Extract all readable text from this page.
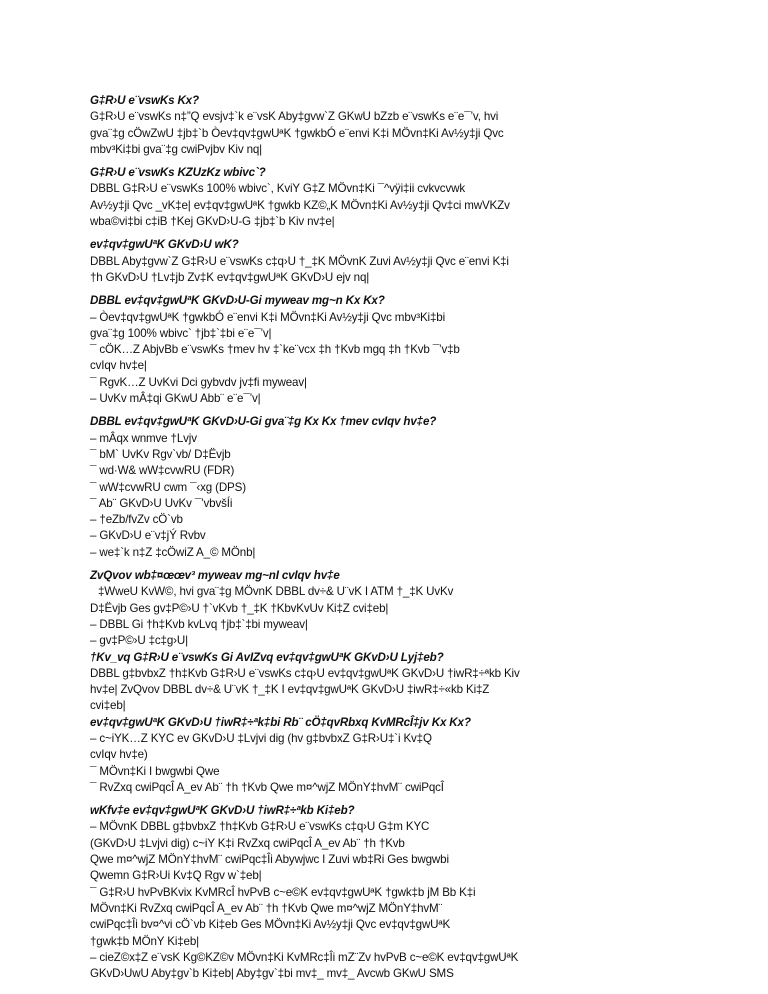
G‡R›U e¨vswKs Kx?

G‡R›U e¨vswKs n‡”Q evsjv‡`k e¨vsK Aby‡gvw`Z GKwU bZzb e¨vswKs e¨e¯’v, hvi

gva¨‡g cÖwZwU ‡jb‡`b Òev‡qv‡gwUªK †gwkbÓ e¨envi K‡i MÖvn‡Ki Av½y‡ji Qvc

mbv³Ki‡bi gva¨‡g cwiPvjbv Kiv nq|

G‡R›U e¨vswKs KZUzKz wbivc`?

DBBL G‡R›U e¨vswKs 100% wbivc`, KviY G‡Z MÖvn‡Ki ¯^vÿi‡ii cvkvcvwk

Av½y‡ji Qvc _vK‡e| ev‡qv‡gwUªK †gwkb KZ©„K MÖvn‡Ki Av½y‡ji Qv‡ci mwVKZv

wba©vi‡bi c‡iB †Kej GKvD›U-G ‡jb‡`b Kiv nv‡e|

ev‡qv‡gwUªK GKvD›U wK?

DBBL Aby‡gvw`Z G‡R›U e¨vswKs c‡q›U †_‡K MÖvnK Zuvi Av½y‡ji Qvc e¨envi K‡i

†h GKvD›U †Lv‡jb Zv‡K ev‡qv‡gwUªK GKvD›U ejv nq|

DBBL ev‡qv‡gwUªK GKvD›U-Gi myweav mg~n Kx Kx?

– Òev‡qv‡gwUªK †gwkbÓ e¨envi K‡i MÖvn‡Ki Av½y‡ji Qvc mbv³Ki‡bi

gva¨‡g 100% wbivc` †jb‡`‡bi e¨e¯’v|

¯ cÖK…Z AbjvBb e¨vswKs †mev hv ‡`ke¨vcx ‡h †Kvb mgq ‡h †Kvb ¯’v‡b

cvIqv hv‡e|

¯ RgvK…Z UvKvi Dci gybvdv jv‡fi myweav|

– UvKv mÂ‡qi GKwU Abb¨ e¨e¯’v|

DBBL ev‡qv‡gwUªK GKvD›U-Gi gva¨‡g Kx Kx †mev cvIqv hv‡e?

– mÂqx wnmve †Lvjv

¯ bM` UvKv Rgv`vb/ D‡Ëvjb

¯ wd·W& wW‡cvwRU (FDR)

¯ wW‡cvwRU cwm ¯‹xg (DPS)

¯ Ab¨ GKvD›U UvKv ¯’vbvšÍi

– †eZb/fvZv cÖ`vb

– GKvD›U e¨v‡jÝ Rvbv

– we‡`k n‡Z ‡cÖwiZ A_© MÖnb|

ZvQvov wb‡¤œœv³ myweav mg~nI cvIqv hv‡e

‡WweU KvW©, hvi gva¨‡g MÖvnK DBBL dv÷& U¨vK I ATM †_‡K UvKv

D‡Ëvjb Ges gv‡P©›U †`vKvb †_‡K †KbvKvUv Ki‡Z cvi‡eb|

– DBBL Gi †h‡Kvb kvLvq †jb‡`‡bi myweav|

– gv‡P©›U ‡c‡g›U|

†Kv_vq G‡R›U e¨vswKs Gi AvIZvq ev‡qv‡gwUªK GKvD›U Lyj‡eb?

DBBL g‡bvbxZ †h‡Kvb G‡R›U e¨vswKs c‡q›U ev‡qv‡gwUªK GKvD›U †iwR‡÷ªkb Kiv

hv‡e| ZvQvov DBBL dv÷& U¨vK †_‡K I ev‡qv‡gwUªK GKvD›U ‡iwR‡÷«kb Ki‡Z

cvi‡eb|

ev‡qv‡gwUªK GKvD›U †iwR‡÷ªk‡bi Rb¨ cÖ‡qvRbxq KvMRcÎ‡jv Kx Kx?

– c~iYK…Z KYC ev GKvD›U ‡Lvjvi dig (hv g‡bvbxZ G‡R›U‡`i Kv‡Q

cvIqv hv‡e)

¯ MÖvn‡Ki I bwgwbi Qwe

¯ RvZxq cwiPqcÎ A_ev Ab¨ †h †Kvb Qwe m¤^wjZ MÖnY‡hvM¨ cwiPqcÎ

wKfv‡e ev‡qv‡gwUªK GKvD›U †iwR‡÷ªkb Ki‡eb?

– MÖvnK DBBL g‡bvbxZ †h‡Kvb G‡R›U e¨vswKs c‡q›U G‡m KYC

(GKvD›U ‡Lvjvi dig) c~iY K‡i RvZxq cwiPqcÎ A_ev Ab¨ †h †Kvb

Qwe m¤^wjZ MÖnY‡hvM¨ cwiPqc‡Îi Abywjwc I Zuvi wb‡Ri Ges bwgwbi

Qwemn G‡R›Ui Kv‡Q Rgv w`‡eb|

¯ G‡R›U hvPvBKvix KvMRcÎ hvPvB c~e©K ev‡qv‡gwUªK †gwk‡b jM Bb K‡i

MÖvn‡Ki RvZxq cwiPqcÎ A_ev Ab¨ †h †Kvb Qwe m¤^wjZ MÖnY‡hvM¨

cwiPqc‡Îi bv¤^vi cÖ`vb Ki‡eb Ges MÖvn‡Ki Av½y‡ji Qvc ev‡qv‡gwUªK

†gwk‡b MÖnY Ki‡eb|

– cieZ©x‡Z e¨vsK Kg©KZ©v MÖvn‡Ki KvMRc‡Îi mZ¨Zv hvPvB c~e©K ev‡qv‡gwUªK

GKvD›UwU Aby‡gv`b Ki‡eb| Aby‡gv`‡bi mv‡_ mv‡_ Avcwb GKwU SMS
